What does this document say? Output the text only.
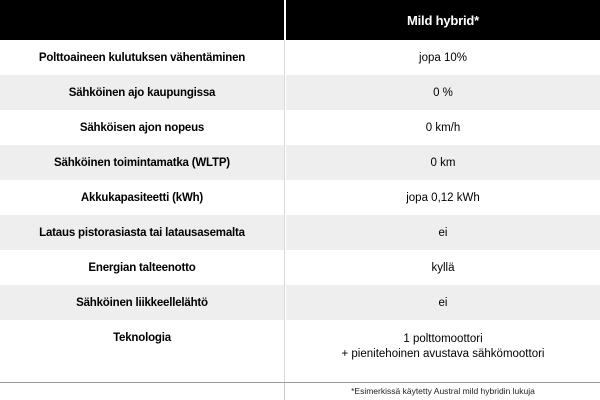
Mild hybrid*
Polttoaineen kulutuksen vähentäminen	jopa 10%
Sähköinen ajo kaupungissa	0 %
Sähköisen ajon nopeus	0 km/h
Sähköinen toimintamatka (WLTP)	0 km
Akkukapasiteetti (kWh)	jopa 0,12 kWh
Lataus pistorasiasta tai latausasemalta	ei
Energian talteenotto	kyllä
Sähköinen liikkeellelähtö	ei
Teknologia	1 polttomoottori
+ pienitehoinen avustava sähkömoottori
*Esimerkissä käytetty Austral mild hybridin lukuja
